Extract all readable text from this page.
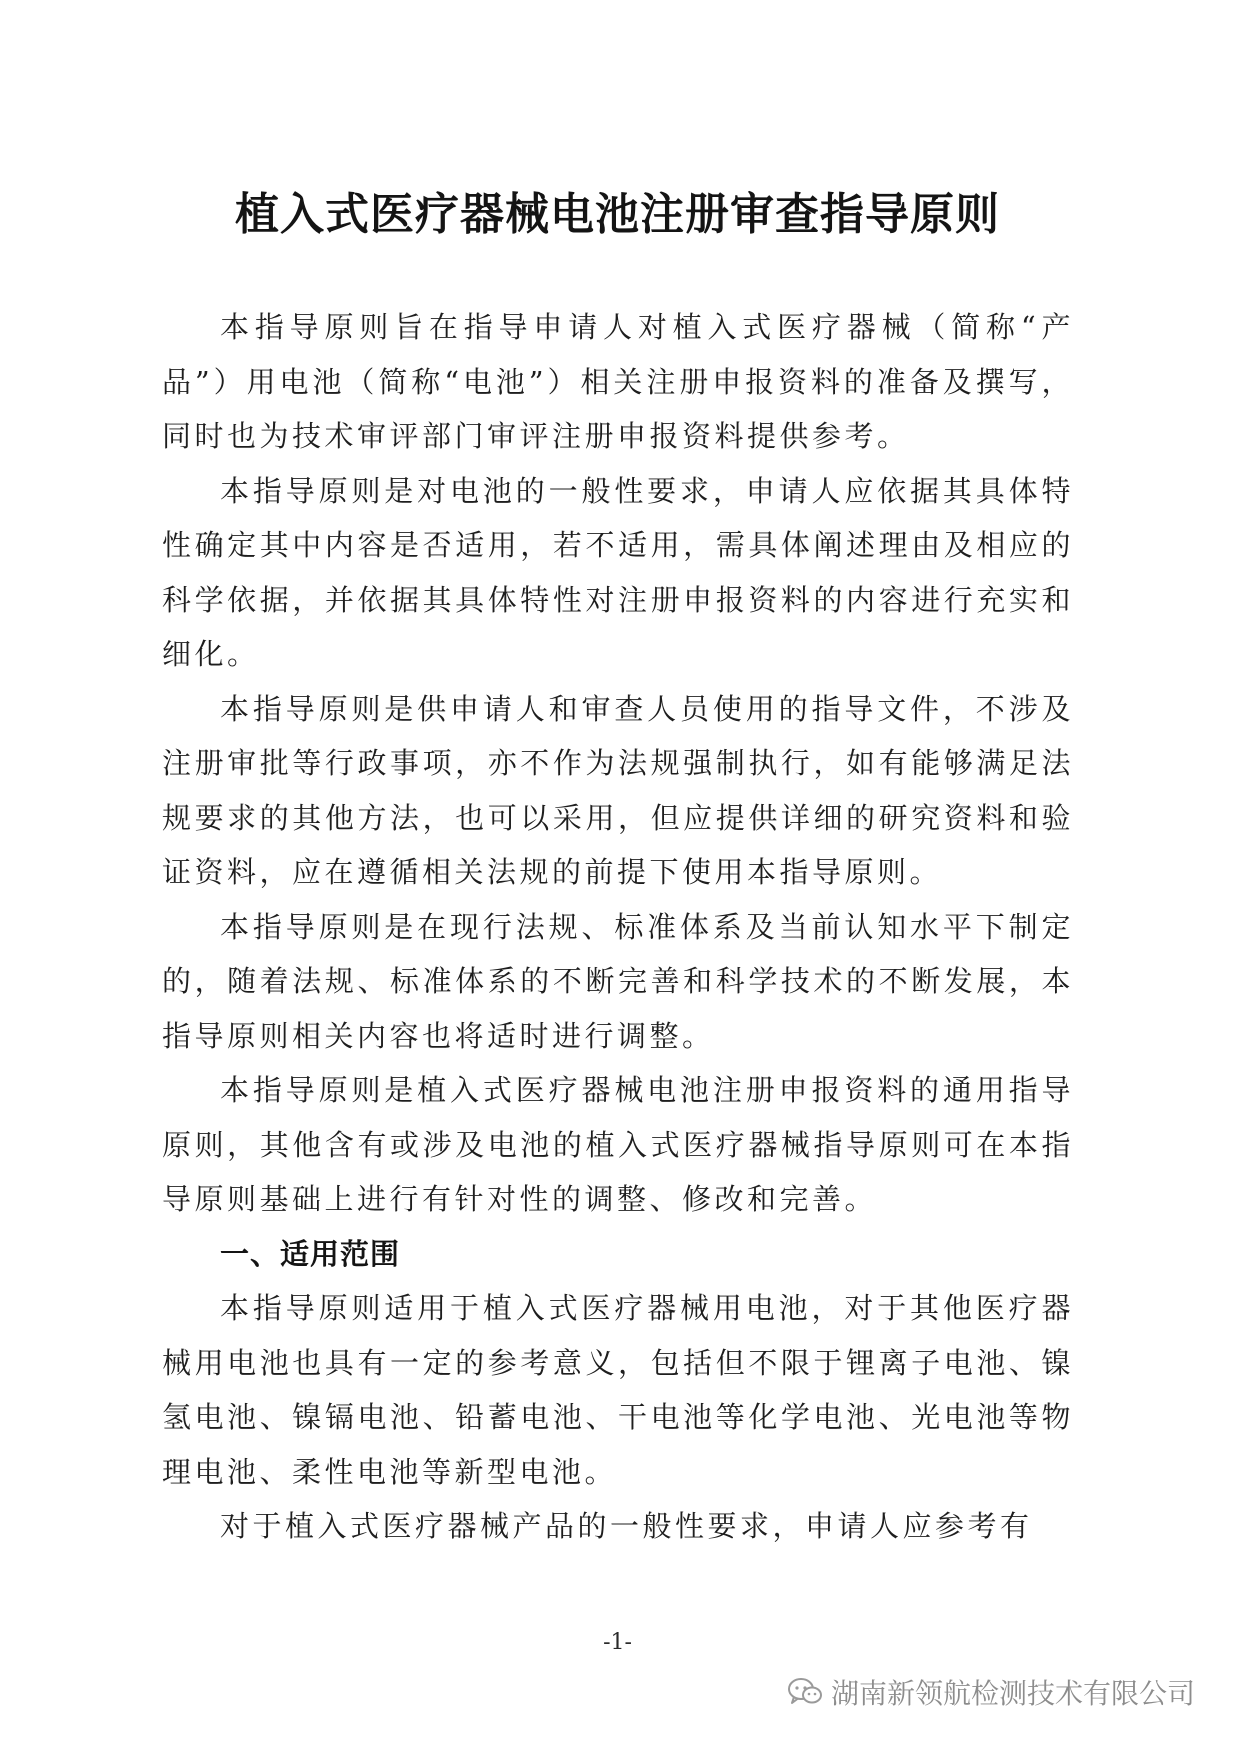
植入式医疗器械电池注册审查指导原则

本指导原则旨在指导申请人对植入式医疗器械（简称“产品”）用电池（简称“电池”）相关注册申报资料的准备及撰写，同时也为技术审评部门审评注册申报资料提供参考。

本指导原则是对电池的一般性要求，申请人应依据其具体特性确定其中内容是否适用，若不适用，需具体阐述理由及相应的科学依据，并依据其具体特性对注册申报资料的内容进行充实和细化。

本指导原则是供申请人和审查人员使用的指导文件，不涉及注册审批等行政事项，亦不作为法规强制执行，如有能够满足法规要求的其他方法，也可以采用，但应提供详细的研究资料和验证资料，应在遵循相关法规的前提下使用本指导原则。

本指导原则是在现行法规、标准体系及当前认知水平下制定的，随着法规、标准体系的不断完善和科学技术的不断发展，本指导原则相关内容也将适时进行调整。

本指导原则是植入式医疗器械电池注册申报资料的通用指导原则，其他含有或涉及电池的植入式医疗器械指导原则可在本指导原则基础上进行有针对性的调整、修改和完善。

一、适用范围

本指导原则适用于植入式医疗器械用电池，对于其他医疗器械用电池也具有一定的参考意义，包括但不限于锂离子电池、镍氢电池、镍镉电池、铅蓄电池、干电池等化学电池、光电池等物理电池、柔性电池等新型电池。

对于植入式医疗器械产品的一般性要求，申请人应参考有

-1-
湖南新领航检测技术有限公司
